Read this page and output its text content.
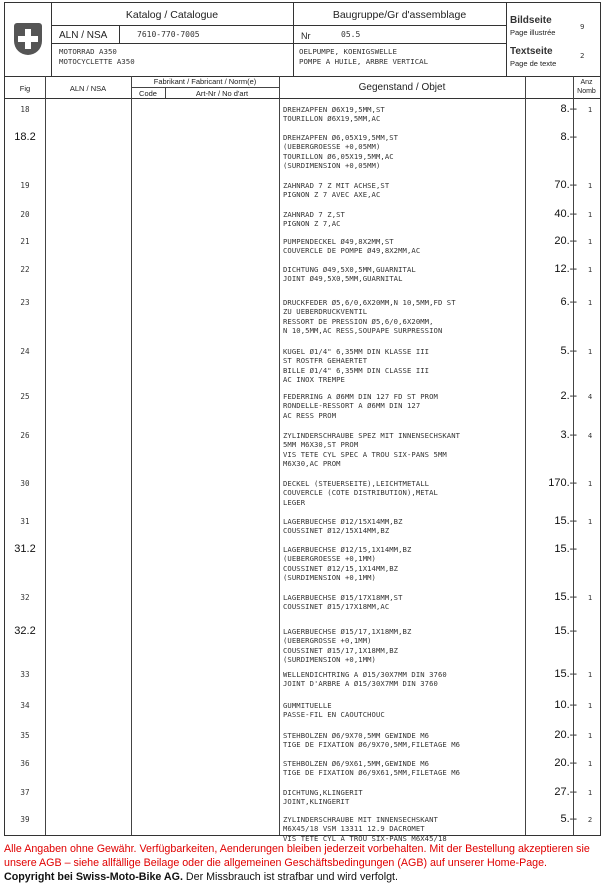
Katalog / Catalogue
ALN / NSA	7610-770-7005
MOTORRAD A350
MOTOCYCLETTE A350
Baugruppe/Gr d'assemblage
Nr	05.5
OELPUMPE, KOENIGSWELLE
POMPE A HUILE, ARBRE VERTICAL
Bildseite
Page illustrée
9
Textseite
Page de texte
2
Fig	ALN / NSA
Fabrikant / Fabricant / Norm(e)
Code	Art-Nr / No d'art
Gegenstand / Objet	Anz
Nomb
18	DREHZAPFEN Ø6X19,5MM,ST
TOURILLON Ø6X19,5MM,AC
8.--	1
18.2	DREHZAPFEN Ø6,05X19,5MM,ST
(UEBERGROESSE +0,05MM)
TOURILLON Ø6,05X19,5MM,AC
(SURDIMENSION +0,05MM)
8.--
19	ZAHNRAD 7 Z MIT ACHSE,ST
PIGNON Z 7 AVEC AXE,AC
70.--	1
20	ZAHNRAD 7 Z,ST
PIGNON Z 7,AC
40.--	1
21	PUMPENDECKEL Ø49,8X2MM,ST
COUVERCLE DE POMPE Ø49,8X2MM,AC
20.--	1
22	DICHTUNG Ø49,5X0,5MM,GUARNITAL
JOINT Ø49,5X0,5MM,GUARNITAL
12.--	1
23	DRUCKFEDER Ø5,6/0,6X20MM,N 10,5MM,FD ST
ZU UEBERDRUCKVENTIL
RESSORT DE PRESSION Ø5,6/0,6X20MM,
N 10,5MM,AC RESS,SOUPAPE SURPRESSION
6.--	1
24	KUGEL Ø1/4" 6,35MM DIN KLASSE III
ST ROSTFR GEHAERTET
BILLE Ø1/4" 6,35MM DIN CLASSE III
AC INOX TREMPE
5.--	1
25	FEDERRING A Ø6MM DIN 127 FD ST PROM
RONDELLE-RESSORT A Ø6MM DIN 127
AC RESS PROM
2.--	4
26	ZYLINDERSCHRAUBE SPEZ MIT INNENSECHSKANT
5MM M6X30,ST PROM
VIS TETE CYL SPEC A TROU SIX-PANS 5MM
M6X30,AC PROM
3.--	4
30	DECKEL (STEUERSEITE),LEICHTMETALL
COUVERCLE (COTE DISTRIBUTION),METAL
LEGER
170.--	1
31	LAGERBUECHSE Ø12/15X14MM,BZ
COUSSINET Ø12/15X14MM,BZ
15.--	1
31.2	LAGERBUECHSE Ø12/15,1X14MM,BZ
(UEBERGROESSE +0,1MM)
COUSSINET Ø12/15,1X14MM,BZ
(SURDIMENSION +0,1MM)
15.--
32	LAGERBUECHSE Ø15/17X18MM,ST
COUSSINET Ø15/17X18MM,AC
15.--	1
32.2	LAGERBUECHSE Ø15/17,1X18MM,BZ
(UEBERGROSSE +0,1MM)
COUSSINET Ø15/17,1X18MM,BZ
(SURDIMENSION +0,1MM)
15.--
33	WELLENDICHTRING A Ø15/30X7MM DIN 3760
JOINT D'ARBRE A Ø15/30X7MM DIN 3760
15.--	1
34	GUMMITUELLE
PASSE-FIL EN CAOUTCHOUC
10.--	1
35	STEHBOLZEN Ø6/9X70,5MM GEWINDE M6
TIGE DE FIXATION Ø6/9X70,5MM,FILETAGE M6
20.--	1
36	STEHBOLZEN Ø6/9X61,5MM,GEWINDE M6
TIGE DE FIXATION Ø6/9X61,5MM,FILETAGE M6
20.--	1
37	DICHTUNG,KLINGERIT
JOINT,KLINGERIT
27.--	1
39	ZYLINDERSCHRAUBE MIT INNENSECHSKANT
M6X45/18 VSM 13311 12.9 DACROMET
VIS TETE CYL A TROU SIX-PANS M6X45/18
5.--	2
Alle Angaben ohne Gewähr. Verfügbarkeiten, Aenderungen bleiben jederzeit vorbehalten. Mit der Bestellung akzeptieren sie unsere AGB – siehe allfällige Beilage oder die allgemeinen Geschäftsbedingungen (AGB) auf unserer Home-Page. Copyright bei Swiss-Moto-Bike AG. Der Missbrauch ist strafbar und wird verfolgt.
